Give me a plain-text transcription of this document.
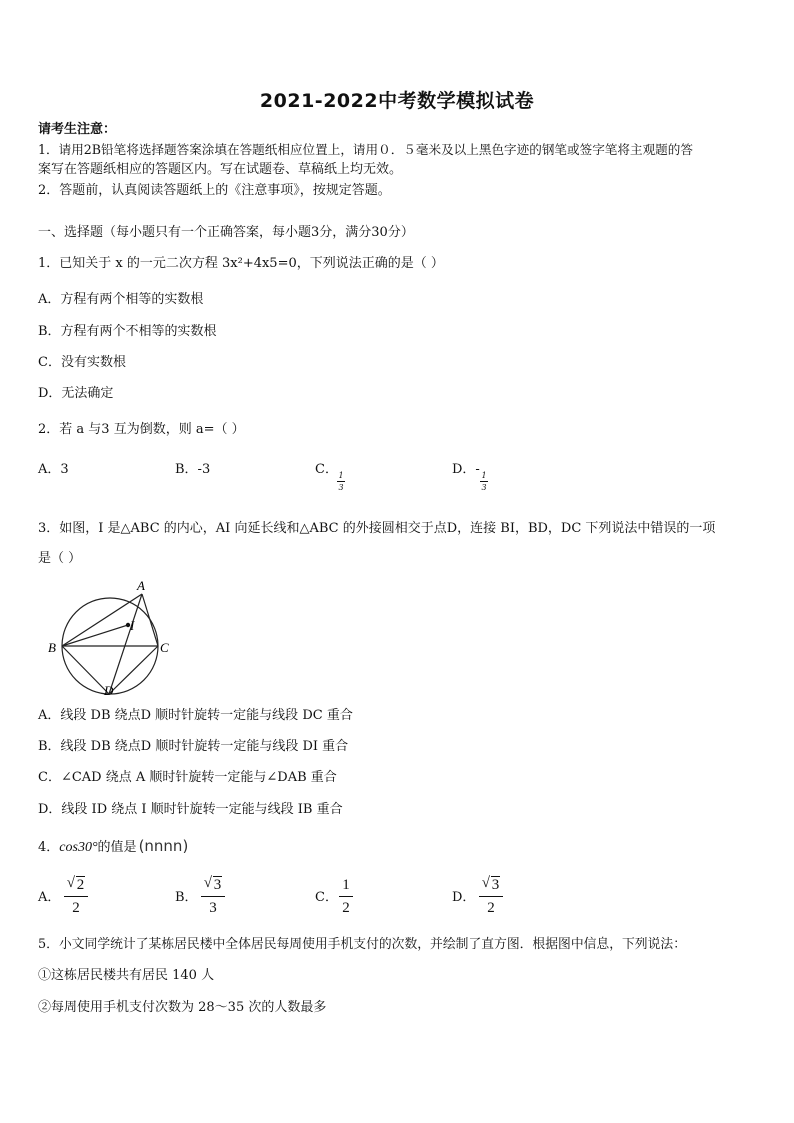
2021-2022中考数学模拟试卷
请考生注意：
1．请用2B铅笔将选择题答案涂填在答题纸相应位置上，请用０．５毫米及以上黑色字迹的钢笔或签字笔将主观题的答
案写在答题纸相应的答题区内。写在试题卷、草稿纸上均无效。
2．答题前，认真阅读答题纸上的《注意事项》，按规定答题。
一、选择题（每小题只有一个正确答案，每小题3分，满分30分）
1．已知关于 x 的一元二次方程 3x²+4x5=0，下列说法正确的是（ ）
A．方程有两个相等的实数根
B．方程有两个不相等的实数根
C．没有实数根
D．无法确定
2．若 a 与3 互为倒数，则 a=（ ）
A．3	B．-3	C． 1
3
D．- 1
3
3．如图，I 是△ABC 的内心，AI 向延长线和△ABC 的外接圆相交于点D，连接 BI，BD，DC 下列说法中错误的一项
是（ ）
A
I
B	C
D
A．线段 DB 绕点D 顺时针旋转一定能与线段 DC 重合
B．线段 DB 绕点D 顺时针旋转一定能与线段 DI 重合
C．∠CAD 绕点 A 顺时针旋转一定能与∠DAB 重合
D．线段 ID 绕点 I 顺时针旋转一定能与线段 IB 重合
4． cos30° 的值是 (nnnn)
A．
√ 2
2
B．
√ 3
3
C．
1
2
D．
√ 3
2
5．小文同学统计了某栋居民楼中全体居民每周使用手机支付的次数，并绘制了直方图．根据图中信息，下列说法：
①这栋居民楼共有居民 140 人
②每周使用手机支付次数为 28～35 次的人数最多
